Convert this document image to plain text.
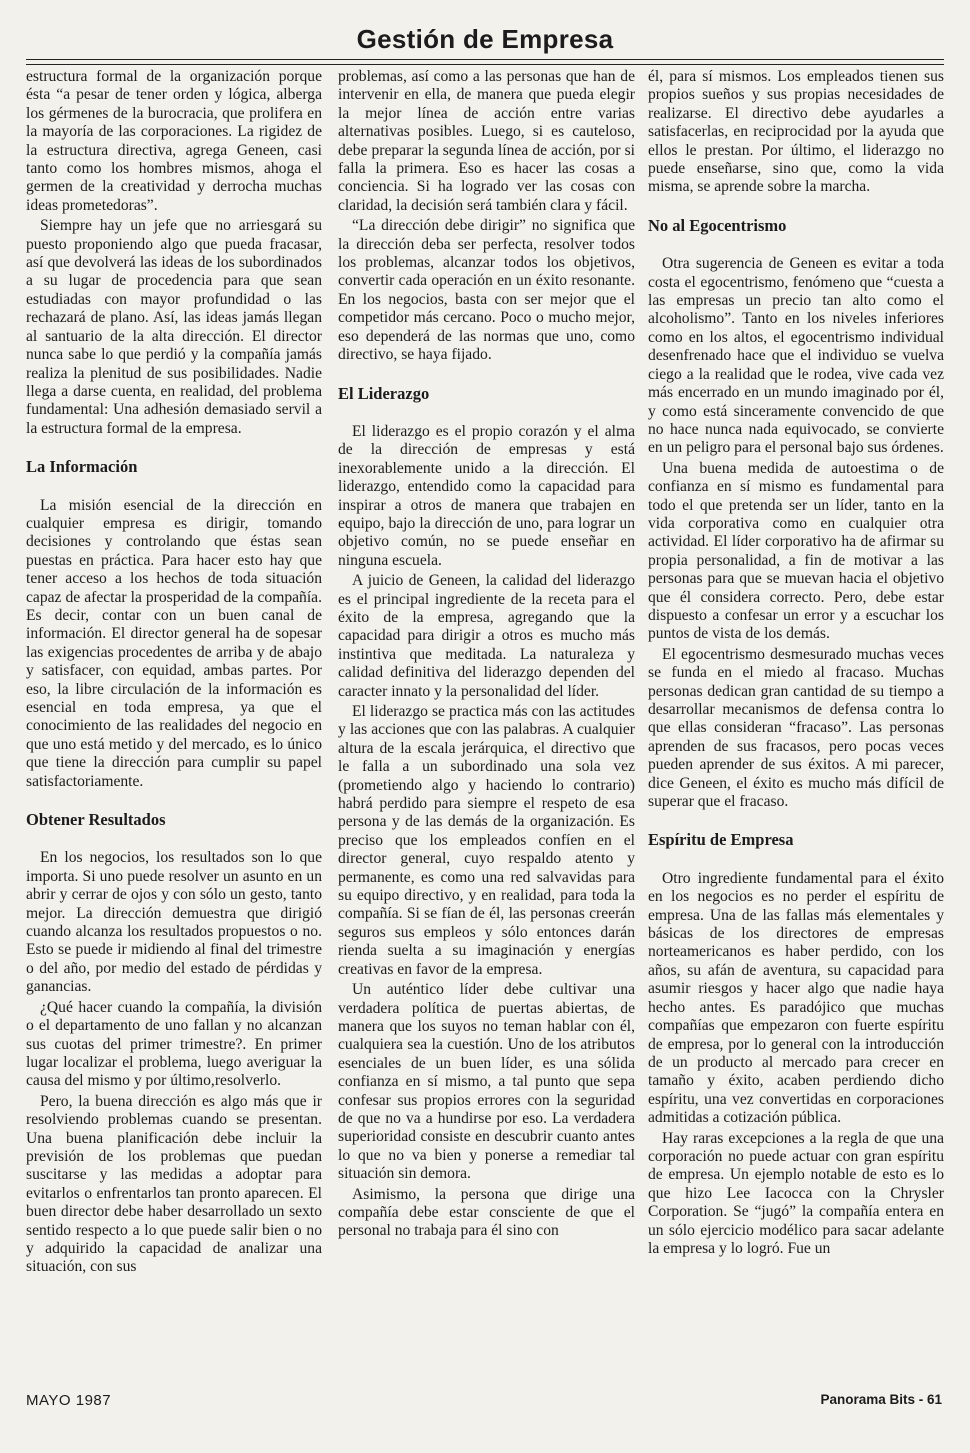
Gestión de Empresa

estructura formal de la organización porque ésta “a pesar de tener orden y lógica, alberga los gérmenes de la burocracia, que prolifera en la mayoría de las corporaciones. La rigidez de la estructura directiva, agrega Geneen, casi tanto como los hombres mismos, ahoga el germen de la creatividad y derrocha muchas ideas prometedoras”.

Siempre hay un jefe que no arriesgará su puesto proponiendo algo que pueda fracasar, así que devolverá las ideas de los subordinados a su lugar de procedencia para que sean estudiadas con mayor profundidad o las rechazará de plano. Así, las ideas jamás llegan al santuario de la alta dirección. El director nunca sabe lo que perdió y la compañía jamás realiza la plenitud de sus posibilidades. Nadie llega a darse cuenta, en realidad, del problema fundamental: Una adhesión demasiado servil a la estructura formal de la empresa.

La Información

La misión esencial de la dirección en cualquier empresa es dirigir, tomando decisiones y controlando que éstas sean puestas en práctica. Para hacer esto hay que tener acceso a los hechos de toda situación capaz de afectar la prosperidad de la compañía. Es decir, contar con un buen canal de información. El director general ha de sopesar las exigencias procedentes de arriba y de abajo y satisfacer, con equidad, ambas partes. Por eso, la libre circulación de la información es esencial en toda empresa, ya que el conocimiento de las realidades del negocio en que uno está metido y del mercado, es lo único que tiene la dirección para cumplir su papel satisfactoriamente.

Obtener Resultados

En los negocios, los resultados son lo que importa. Si uno puede resolver un asunto en un abrir y cerrar de ojos y con sólo un gesto, tanto mejor. La dirección demuestra que dirigió cuando alcanza los resultados propuestos o no. Esto se puede ir midiendo al final del trimestre o del año, por medio del estado de pérdidas y ganancias.

¿Qué hacer cuando la compañía, la división o el departamento de uno fallan y no alcanzan sus cuotas del primer trimestre?. En primer lugar localizar el problema, luego averiguar la causa del mismo y por último,resolverlo.

Pero, la buena dirección es algo más que ir resolviendo problemas cuando se presentan. Una buena planificación debe incluir la previsión de los problemas que puedan suscitarse y las medidas a adoptar para evitarlos o enfrentarlos tan pronto aparecen. El buen director debe haber desarrollado un sexto sentido respecto a lo que puede salir bien o no y adquirido la capacidad de analizar una situación, con sus

problemas, así como a las personas que han de intervenir en ella, de manera que pueda elegir la mejor línea de acción entre varias alternativas posibles. Luego, si es cauteloso, debe preparar la segunda línea de acción, por si falla la primera. Eso es hacer las cosas a conciencia. Si ha logrado ver las cosas con claridad, la decisión será también clara y fácil.

“La dirección debe dirigir” no significa que la dirección deba ser perfecta, resolver todos los problemas, alcanzar todos los objetivos, convertir cada operación en un éxito resonante. En los negocios, basta con ser mejor que el competidor más cercano. Poco o mucho mejor, eso dependerá de las normas que uno, como directivo, se haya fijado.

El Liderazgo

El liderazgo es el propio corazón y el alma de la dirección de empresas y está inexorablemente unido a la dirección. El liderazgo, entendido como la capacidad para inspirar a otros de manera que trabajen en equipo, bajo la dirección de uno, para lograr un objetivo común, no se puede enseñar en ninguna escuela.

A juicio de Geneen, la calidad del liderazgo es el principal ingrediente de la receta para el éxito de la empresa, agregando que la capacidad para dirigir a otros es mucho más instintiva que meditada. La naturaleza y calidad definitiva del liderazgo dependen del caracter innato y la personalidad del líder.

El liderazgo se practica más con las actitudes y las acciones que con las palabras. A cualquier altura de la escala jerárquica, el directivo que le falla a un subordinado una sola vez (prometiendo algo y haciendo lo contrario) habrá perdido para siempre el respeto de esa persona y de las demás de la organización. Es preciso que los empleados confíen en el director general, cuyo respaldo atento y permanente, es como una red salvavidas para su equipo directivo, y en realidad, para toda la compañía. Si se fían de él, las personas creerán seguros sus empleos y sólo entonces darán rienda suelta a su imaginación y energías creativas en favor de la empresa.

Un auténtico líder debe cultivar una verdadera política de puertas abiertas, de manera que los suyos no teman hablar con él, cualquiera sea la cuestión. Uno de los atributos esenciales de un buen líder, es una sólida confianza en sí mismo, a tal punto que sepa confesar sus propios errores con la seguridad de que no va a hundirse por eso. La verdadera superioridad consiste en descubrir cuanto antes lo que no va bien y ponerse a remediar tal situación sin demora.

Asimismo, la persona que dirige una compañía debe estar consciente de que el personal no trabaja para él sino con

él, para sí mismos. Los empleados tienen sus propios sueños y sus propias necesidades de realizarse. El directivo debe ayudarles a satisfacerlas, en reciprocidad por la ayuda que ellos le prestan. Por último, el liderazgo no puede enseñarse, sino que, como la vida misma, se aprende sobre la marcha.

No al Egocentrismo

Otra sugerencia de Geneen es evitar a toda costa el egocentrismo, fenómeno que “cuesta a las empresas un precio tan alto como el alcoholismo”. Tanto en los niveles inferiores como en los altos, el egocentrismo individual desenfrenado hace que el individuo se vuelva ciego a la realidad que le rodea, vive cada vez más encerrado en un mundo imaginado por él, y como está sinceramente convencido de que no hace nunca nada equivocado, se convierte en un peligro para el personal bajo sus órdenes.

Una buena medida de autoestima o de confianza en sí mismo es fundamental para todo el que pretenda ser un líder, tanto en la vida corporativa como en cualquier otra actividad. El líder corporativo ha de afirmar su propia personalidad, a fin de motivar a las personas para que se muevan hacia el objetivo que él considera correcto. Pero, debe estar dispuesto a confesar un error y a escuchar los puntos de vista de los demás.

El egocentrismo desmesurado muchas veces se funda en el miedo al fracaso. Muchas personas dedican gran cantidad de su tiempo a desarrollar mecanismos de defensa contra lo que ellas consideran “fracaso”. Las personas aprenden de sus fracasos, pero pocas veces pueden aprender de sus éxitos. A mi parecer, dice Geneen, el éxito es mucho más difícil de superar que el fracaso.

Espíritu de Empresa

Otro ingrediente fundamental para el éxito en los negocios es no perder el espíritu de empresa. Una de las fallas más elementales y básicas de los directores de empresas norteamericanos es haber perdido, con los años, su afán de aventura, su capacidad para asumir riesgos y hacer algo que nadie haya hecho antes. Es paradójico que muchas compañías que empezaron con fuerte espíritu de empresa, por lo general con la introducción de un producto al mercado para crecer en tamaño y éxito, acaben perdiendo dicho espíritu, una vez convertidas en corporaciones admitidas a cotización pública.

Hay raras excepciones a la regla de que una corporación no puede actuar con gran espíritu de empresa. Un ejemplo notable de esto es lo que hizo Lee Iacocca con la Chrysler Corporation. Se “jugó” la compañía entera en un sólo ejercicio modélico para sacar adelante la empresa y lo logró. Fue un

MAYO 1987	Panorama Bits - 61
